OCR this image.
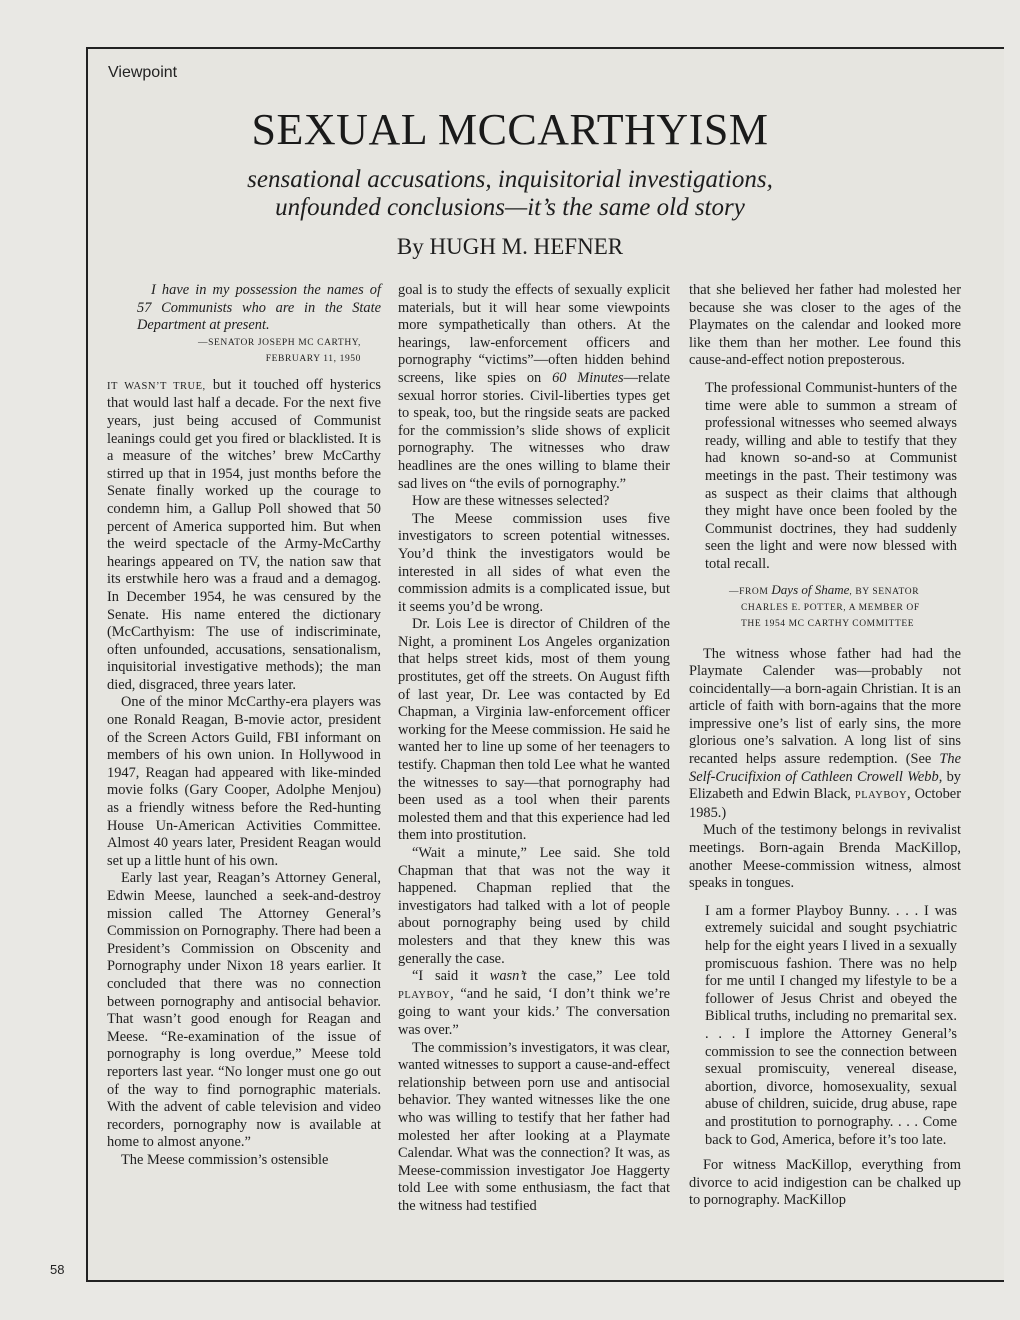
Viewpoint
SEXUAL MCCARTHYISM
sensational accusations, inquisitorial investigations,
unfounded conclusions—it’s the same old story
By HUGH M. HEFNER

I have in my possession the names of 57 Communists who are in the State Department at present.

—SENATOR JOSEPH MC CARTHY,
FEBRUARY 11, 1950

IT WASN’T TRUE, but it touched off hysterics that would last half a decade. For the next five years, just being accused of Communist leanings could get you fired or blacklisted. It is a measure of the witches’ brew McCarthy stirred up that in 1954, just months before the Senate finally worked up the courage to condemn him, a Gallup Poll showed that 50 percent of America supported him. But when the weird spectacle of the Army-McCarthy hearings appeared on TV, the nation saw that its erstwhile hero was a fraud and a demagog. In December 1954, he was censured by the Senate. His name entered the dictionary (McCarthyism: The use of indiscriminate, often unfounded, accusations, sensationalism, inquisitorial investigative methods); the man died, disgraced, three years later.

One of the minor McCarthy-era players was one Ronald Reagan, B-movie actor, president of the Screen Actors Guild, FBI informant on members of his own union. In Hollywood in 1947, Reagan had appeared with like-minded movie folks (Gary Cooper, Adolphe Menjou) as a friendly witness before the Red-hunting House Un-American Activities Committee. Almost 40 years later, President Reagan would set up a little hunt of his own.

Early last year, Reagan’s Attorney General, Edwin Meese, launched a seek-and-destroy mission called The Attorney General’s Commission on Pornography. There had been a President’s Commission on Obscenity and Pornography under Nixon 18 years earlier. It concluded that there was no connection between pornography and antisocial behavior. That wasn’t good enough for Reagan and Meese. “Re-examination of the issue of pornography is long overdue,” Meese told reporters last year. “No longer must one go out of the way to find pornographic materials. With the advent of cable television and video recorders, pornography now is available at home to almost anyone.”

The Meese commission’s ostensible

goal is to study the effects of sexually explicit materials, but it will hear some viewpoints more sympathetically than others. At the hearings, law-enforcement officers and pornography “victims”—often hidden behind screens, like spies on 60 Minutes—relate sexual horror stories. Civil-liberties types get to speak, too, but the ringside seats are packed for the commission’s slide shows of explicit pornography. The witnesses who draw headlines are the ones willing to blame their sad lives on “the evils of pornography.”

How are these witnesses selected?

The Meese commission uses five investigators to screen potential witnesses. You’d think the investigators would be interested in all sides of what even the commission admits is a complicated issue, but it seems you’d be wrong.

Dr. Lois Lee is director of Children of the Night, a prominent Los Angeles organization that helps street kids, most of them young prostitutes, get off the streets. On August fifth of last year, Dr. Lee was contacted by Ed Chapman, a Virginia law-enforcement officer working for the Meese commission. He said he wanted her to line up some of her teenagers to testify. Chapman then told Lee what he wanted the witnesses to say—that pornography had been used as a tool when their parents molested them and that this experience had led them into prostitution.

“Wait a minute,” Lee said. She told Chapman that that was not the way it happened. Chapman replied that the investigators had talked with a lot of people about pornography being used by child molesters and that they knew this was generally the case.

“I said it wasn’t the case,” Lee told PLAYBOY, “and he said, ‘I don’t think we’re going to want your kids.’ The conversation was over.”

The commission’s investigators, it was clear, wanted witnesses to support a cause-and-effect relationship between porn use and antisocial behavior. They wanted witnesses like the one who was willing to testify that her father had molested her after looking at a Playmate Calendar. What was the connection? It was, as Meese-commission investigator Joe Haggerty told Lee with some enthusiasm, the fact that the witness had testified

that she believed her father had molested her because she was closer to the ages of the Playmates on the calendar and looked more like them than her mother. Lee found this cause-and-effect notion preposterous.

The professional Communist-hunters of the time were able to summon a stream of professional witnesses who seemed always ready, willing and able to testify that they had known so-and-so at Communist meetings in the past. Their testimony was as suspect as their claims that although they might have once been fooled by the Communist doctrines, they had suddenly seen the light and were now blessed with total recall.

—FROM Days of Shame, BY SENATOR
CHARLES E. POTTER, A MEMBER OF
THE 1954 MC CARTHY COMMITTEE

The witness whose father had had the Playmate Calender was—probably not coincidentally—a born-again Christian. It is an article of faith with born-agains that the more impressive one’s list of early sins, the more glorious one’s salvation. A long list of sins recanted helps assure redemption. (See The Self-Crucifixion of Cathleen Crowell Webb, by Elizabeth and Edwin Black, PLAYBOY, October 1985.)

Much of the testimony belongs in revivalist meetings. Born-again Brenda MacKillop, another Meese-commission witness, almost speaks in tongues.

I am a former Playboy Bunny. . . . I was extremely suicidal and sought psychiatric help for the eight years I lived in a sexually promiscuous fashion. There was no help for me until I changed my lifestyle to be a follower of Jesus Christ and obeyed the Biblical truths, including no premarital sex. . . . I implore the Attorney General’s commission to see the connection between sexual promiscuity, venereal disease, abortion, divorce, homosexuality, sexual abuse of children, suicide, drug abuse, rape and prostitution to pornography. . . . Come back to God, America, before it’s too late.

For witness MacKillop, everything from divorce to acid indigestion can be chalked up to pornography. MacKillop

58
